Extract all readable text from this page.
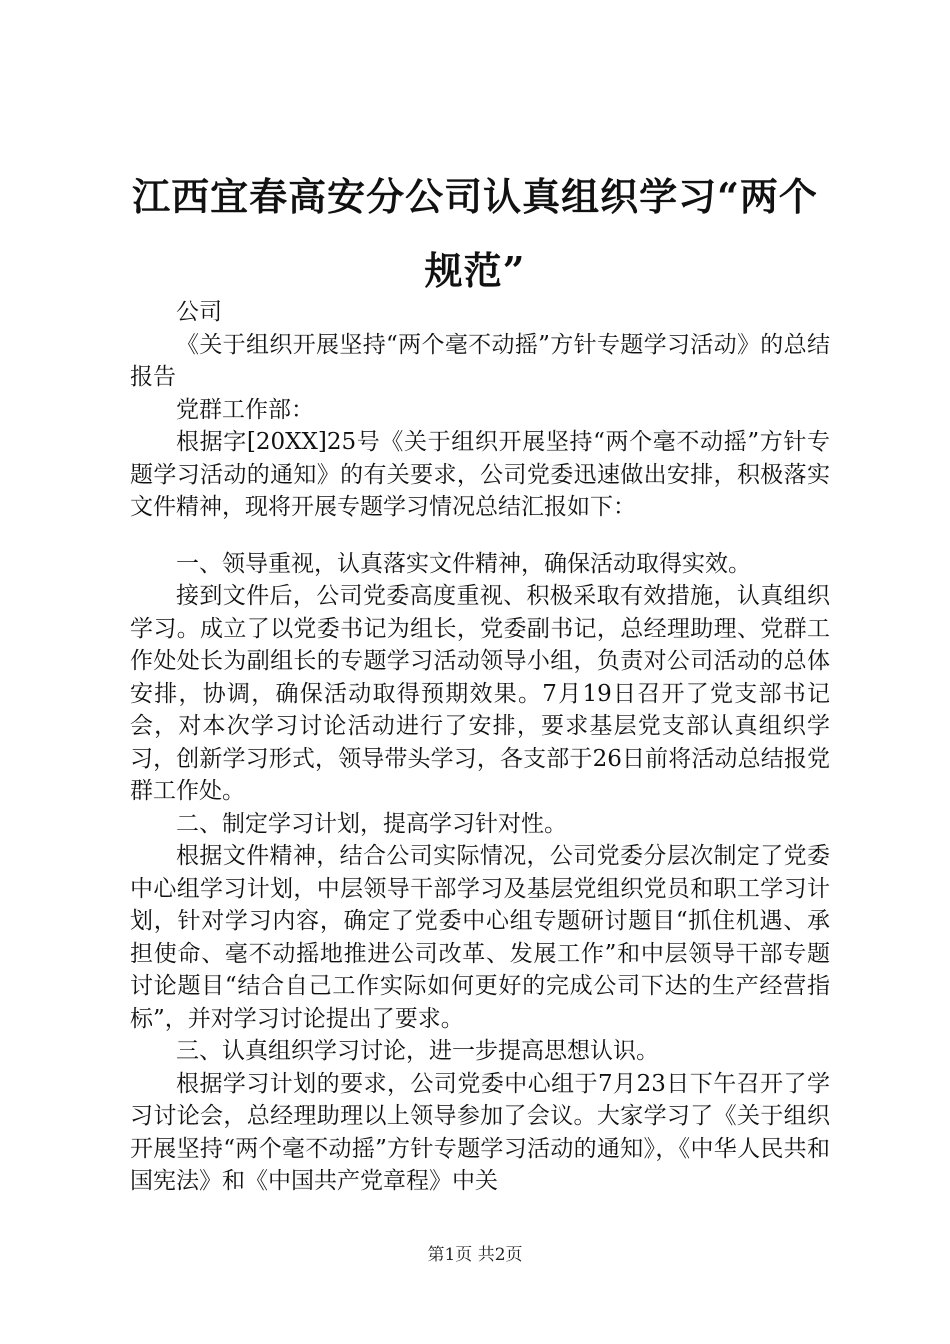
江西宜春高安分公司认真组织学习“两个规范”

公司

《关于组织开展坚持“两个毫不动摇”方针专题学习活动》的总结报告

党群工作部：

根据字[20XX]25号《关于组织开展坚持“两个毫不动摇”方针专题学习活动的通知》的有关要求，公司党委迅速做出安排，积极落实文件精神，现将开展专题学习情况总结汇报如下：

一、领导重视，认真落实文件精神，确保活动取得实效。

接到文件后，公司党委高度重视、积极采取有效措施，认真组织学习。成立了以党委书记为组长，党委副书记，总经理助理、党群工作处处长为副组长的专题学习活动领导小组，负责对公司活动的总体安排，协调，确保活动取得预期效果。7月19日召开了党支部书记会，对本次学习讨论活动进行了安排，要求基层党支部认真组织学习，创新学习形式，领导带头学习，各支部于26日前将活动总结报党群工作处。

二、制定学习计划，提高学习针对性。

根据文件精神，结合公司实际情况，公司党委分层次制定了党委中心组学习计划，中层领导干部学习及基层党组织党员和职工学习计划，针对学习内容，确定了党委中心组专题研讨题目“抓住机遇、承担使命、毫不动摇地推进公司改革、发展工作”和中层领导干部专题讨论题目“结合自己工作实际如何更好的完成公司下达的生产经营指标”，并对学习讨论提出了要求。

三、认真组织学习讨论，进一步提高思想认识。

根据学习计划的要求，公司党委中心组于7月23日下午召开了学习讨论会，总经理助理以上领导参加了会议。大家学习了《关于组织开展坚持“两个毫不动摇”方针专题学习活动的通知》，《中华人民共和国宪法》和《中国共产党章程》中关

第1页 共2页
